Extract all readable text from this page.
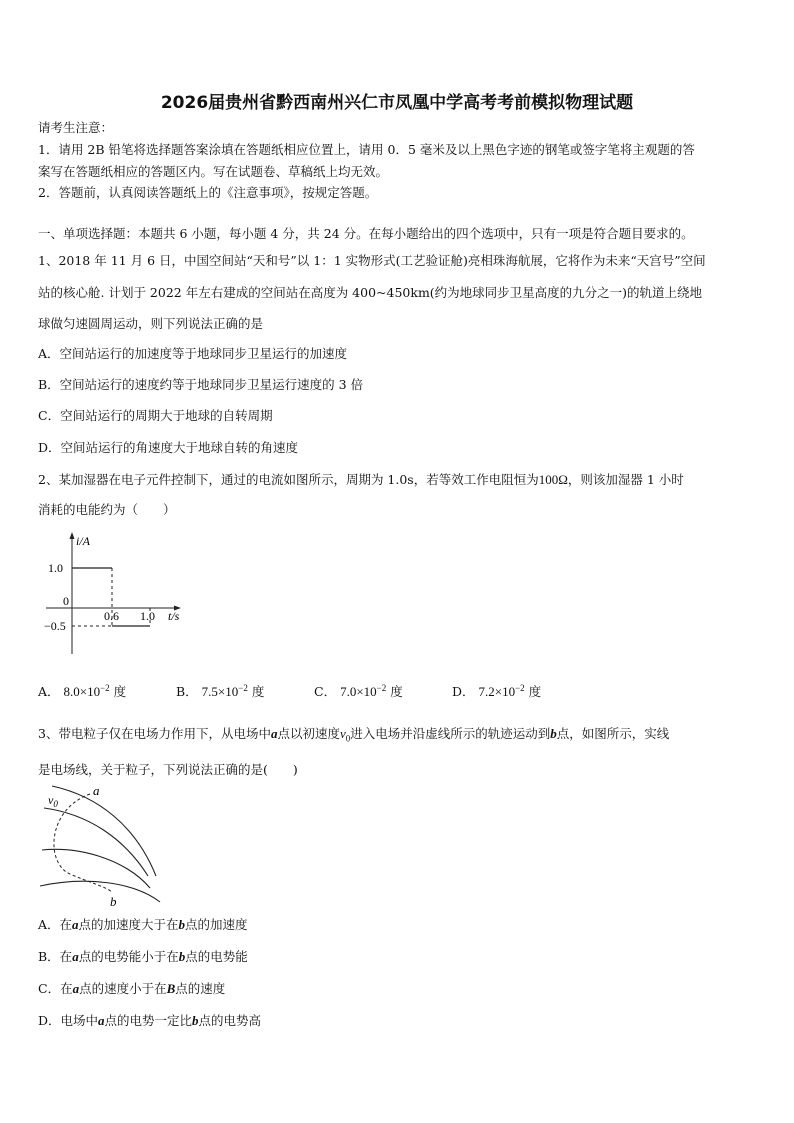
2026届贵州省黔西南州兴仁市凤凰中学高考考前模拟物理试题
请考生注意：
1．请用 2B 铅笔将选择题答案涂填在答题纸相应位置上，请用 0．5 毫米及以上黑色字迹的钢笔或签字笔将主观题的答
案写在答题纸相应的答题区内。写在试题卷、草稿纸上均无效。
2．答题前，认真阅读答题纸上的《注意事项》，按规定答题。
一、单项选择题：本题共 6 小题，每小题 4 分，共 24 分。在每小题给出的四个选项中，只有一项是符合题目要求的。
1、2018 年 11 月 6 日，中国空间站“天和号”以 1：1 实物形式(工艺验证舱)亮相珠海航展，它将作为未来“天宫号”空间
站的核心舱. 计划于 2022 年左右建成的空间站在高度为 400~450km(约为地球同步卫星高度的九分之一)的轨道上绕地
球做匀速圆周运动，则下列说法正确的是
A．空间站运行的加速度等于地球同步卫星运行的加速度
B．空间站运行的速度约等于地球同步卫星运行速度的 3 倍
C．空间站运行的周期大于地球的自转周期
D．空间站运行的角速度大于地球自转的角速度
2、某加湿器在电子元件控制下，通过的电流如图所示，周期为 1.0s，若等效工作电阻恒为100Ω，则该加湿器 1 小时
消耗的电能约为（　　）
i/A
1.0
0
−0.5
0.6 1.0 t/s
A． $8.0\times 10^{-2}$ 度	B． $7.5\times 10^{-2}$ 度	C． $7.0\times 10^{-2}$ 度	D． $7.2\times 10^{-2}$ 度
3、带电粒子仅在电场力作用下，从电场中a点以初速度$v_0$进入电场并沿虚线所示的轨迹运动到b点，如图所示，实线
是电场线，关于粒子，下列说法正确的是(　　)
$v_0$
a
b
A．在a点的加速度大于在b点的加速度
B．在a点的电势能小于在b点的电势能
C．在a点的速度小于在B点的速度
D．电场中a点的电势一定比b点的电势高
